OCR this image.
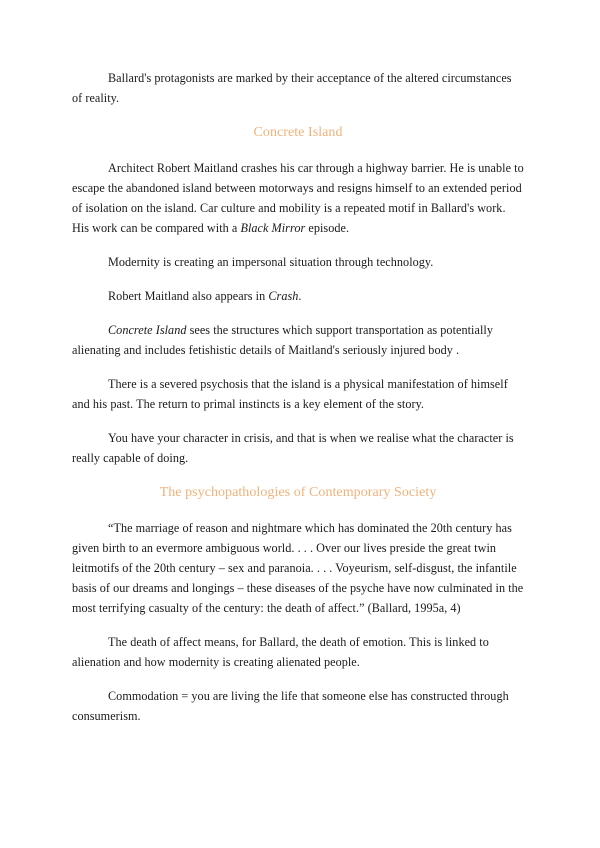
Ballard's protagonists are marked by their acceptance of the altered circumstances of reality.

Concrete Island

Architect Robert Maitland crashes his car through a highway barrier. He is unable to escape the abandoned island between motorways and resigns himself to an extended period of isolation on the island. Car culture and mobility is a repeated motif in Ballard's work. His work can be compared with a Black Mirror episode.

Modernity is creating an impersonal situation through technology.

Robert Maitland also appears in Crash.

Concrete Island sees the structures which support transportation as potentially alienating and includes fetishistic details of Maitland's seriously injured body .

There is a severed psychosis that the island is a physical manifestation of himself and his past. The return to primal instincts is a key element of the story.

You have your character in crisis, and that is when we realise what the character is really capable of doing.

The psychopathologies of Contemporary Society

“The marriage of reason and nightmare which has dominated the 20th century has given birth to an evermore ambiguous world. . . . Over our lives preside the great twin leitmotifs of the 20th century – sex and paranoia. . . . Voyeurism, self-disgust, the infantile basis of our dreams and longings – these diseases of the psyche have now culminated in the most terrifying casualty of the century: the death of affect.” (Ballard, 1995a, 4)

The death of affect means, for Ballard, the death of emotion. This is linked to alienation and how modernity is creating alienated people.

Commodation = you are living the life that someone else has constructed through consumerism.
